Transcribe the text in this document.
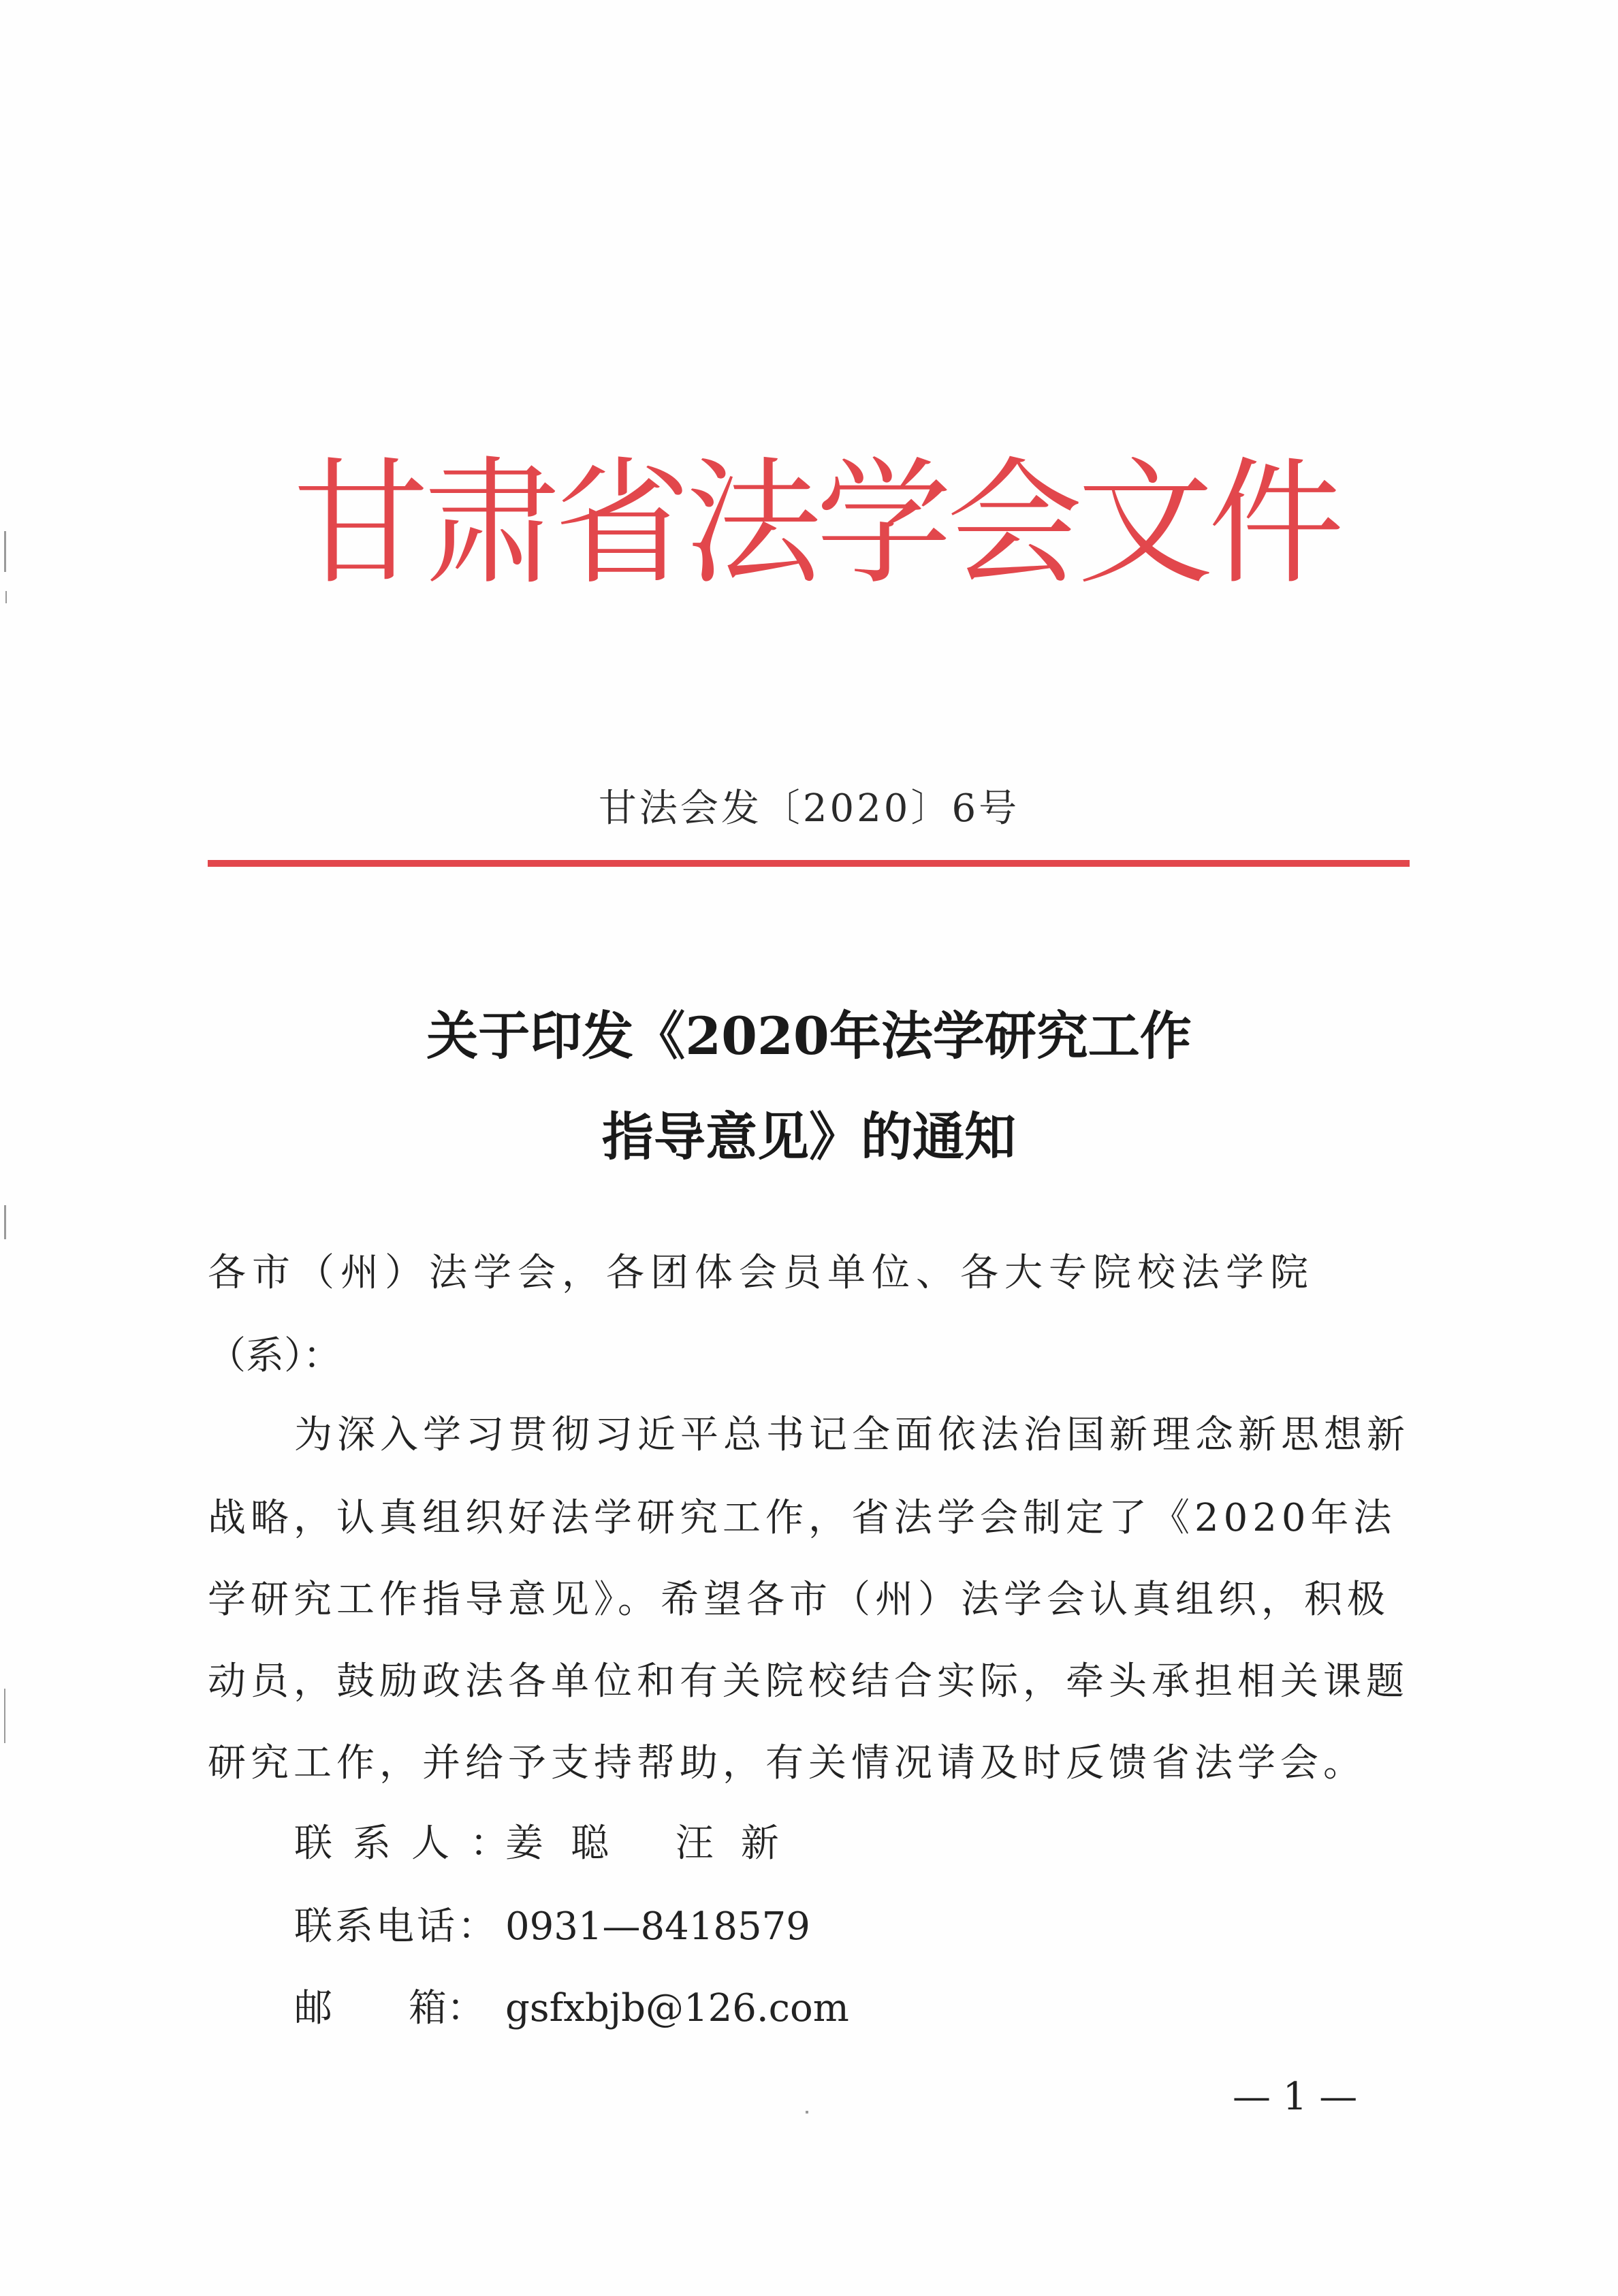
甘肃省法学会文件
甘法会发〔2020〕6号
关于印发《2020年法学研究工作
指导意见》的通知
各市（州）法学会，各团体会员单位、各大专院校法学院
（系）：
为深入学习贯彻习近平总书记全面依法治国新理念新思想新
战略，认真组织好法学研究工作，省法学会制定了《2020年法
学研究工作指导意见》。希望各市（州）法学会认真组织，积极
动员，鼓励政法各单位和有关院校结合实际，牵头承担相关课题
研究工作，并给予支持帮助，有关情况请及时反馈省法学会。
联系人：姜聪 汪新
联系电话： 0931—8418579
邮　　箱： gsfxbjb@126.com
— 1 —
